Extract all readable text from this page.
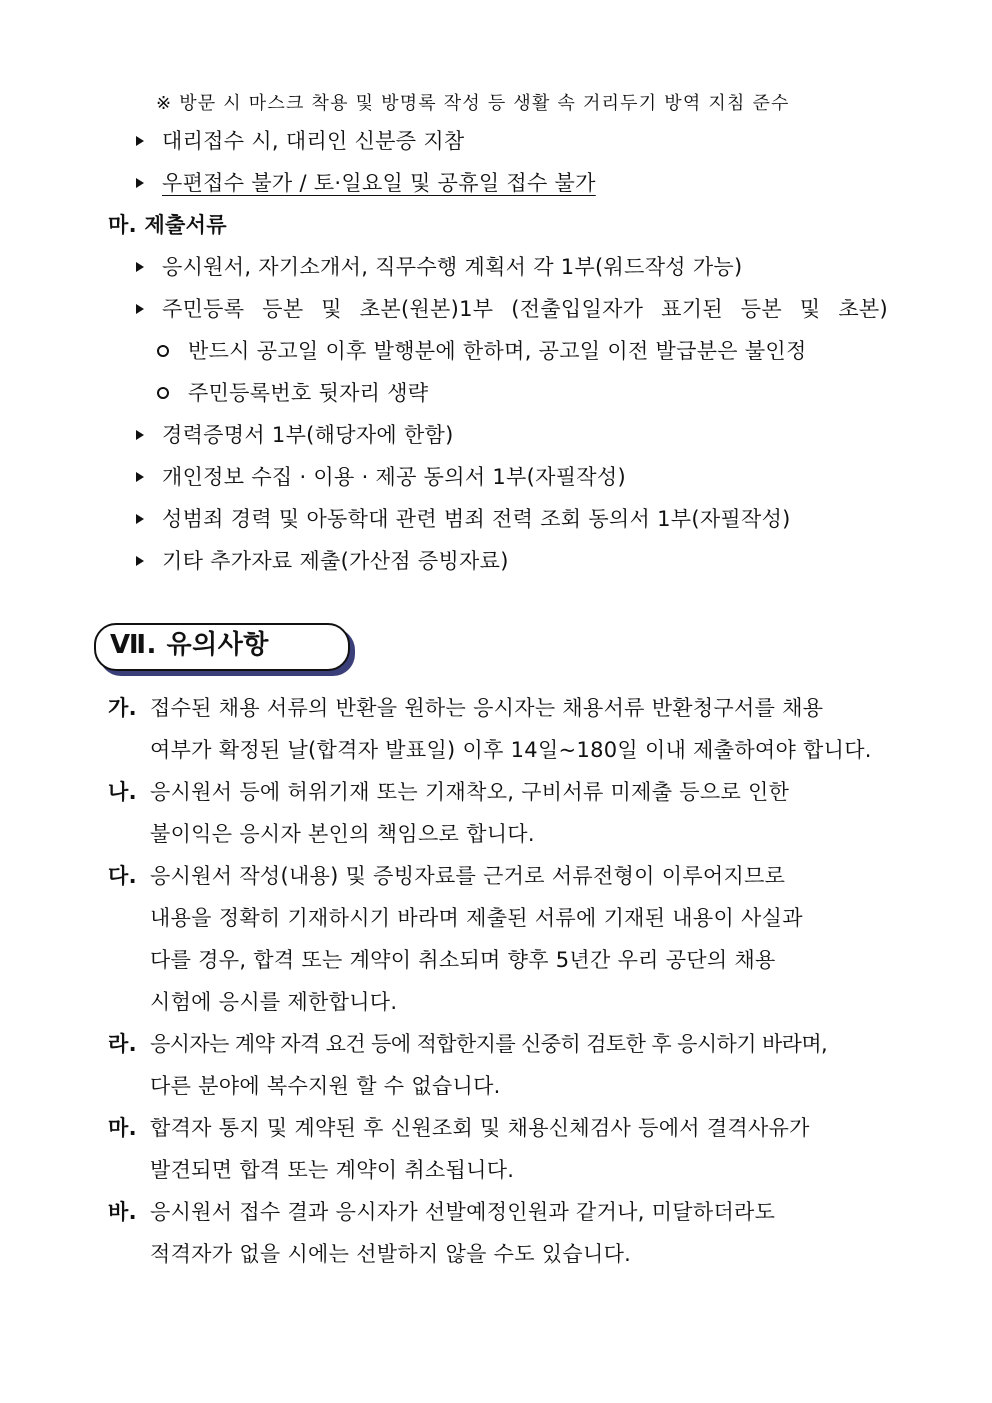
※ 방문 시 마스크 착용 및 방명록 작성 등 생활 속 거리두기 방역 지침 준수
대리접수 시, 대리인 신분증 지참
우편접수 불가 / 토·일요일 및 공휴일 접수 불가
마. 제출서류
응시원서, 자기소개서, 직무수행 계획서 각 1부(워드작성 가능)
주민등록 등본 및 초본(원본)1부 (전출입일자가 표기된 등본 및 초본)
반드시 공고일 이후 발행분에 한하며, 공고일 이전 발급분은 불인정
주민등록번호 뒷자리 생략
경력증명서 1부(해당자에 한함)
개인정보 수집 · 이용 · 제공 동의서 1부(자필작성)
성범죄 경력 및 아동학대 관련 범죄 전력 조회 동의서 1부(자필작성)
기타 추가자료 제출(가산점 증빙자료)
Ⅶ. 유의사항
가. 접수된 채용 서류의 반환을 원하는 응시자는 채용서류 반환청구서를 채용
여부가 확정된 날(합격자 발표일) 이후 14일~180일 이내 제출하여야 합니다.
나. 응시원서 등에 허위기재 또는 기재착오, 구비서류 미제출 등으로 인한
불이익은 응시자 본인의 책임으로 합니다.
다. 응시원서 작성(내용) 및 증빙자료를 근거로 서류전형이 이루어지므로
내용을 정확히 기재하시기 바라며 제출된 서류에 기재된 내용이 사실과
다를 경우, 합격 또는 계약이 취소되며 향후 5년간 우리 공단의 채용
시험에 응시를 제한합니다.
라. 응시자는 계약 자격 요건 등에 적합한지를 신중히 검토한 후 응시하기 바라며,
다른 분야에 복수지원 할 수 없습니다.
마. 합격자 통지 및 계약된 후 신원조회 및 채용신체검사 등에서 결격사유가
발견되면 합격 또는 계약이 취소됩니다.
바. 응시원서 접수 결과 응시자가 선발예정인원과 같거나, 미달하더라도
적격자가 없을 시에는 선발하지 않을 수도 있습니다.
